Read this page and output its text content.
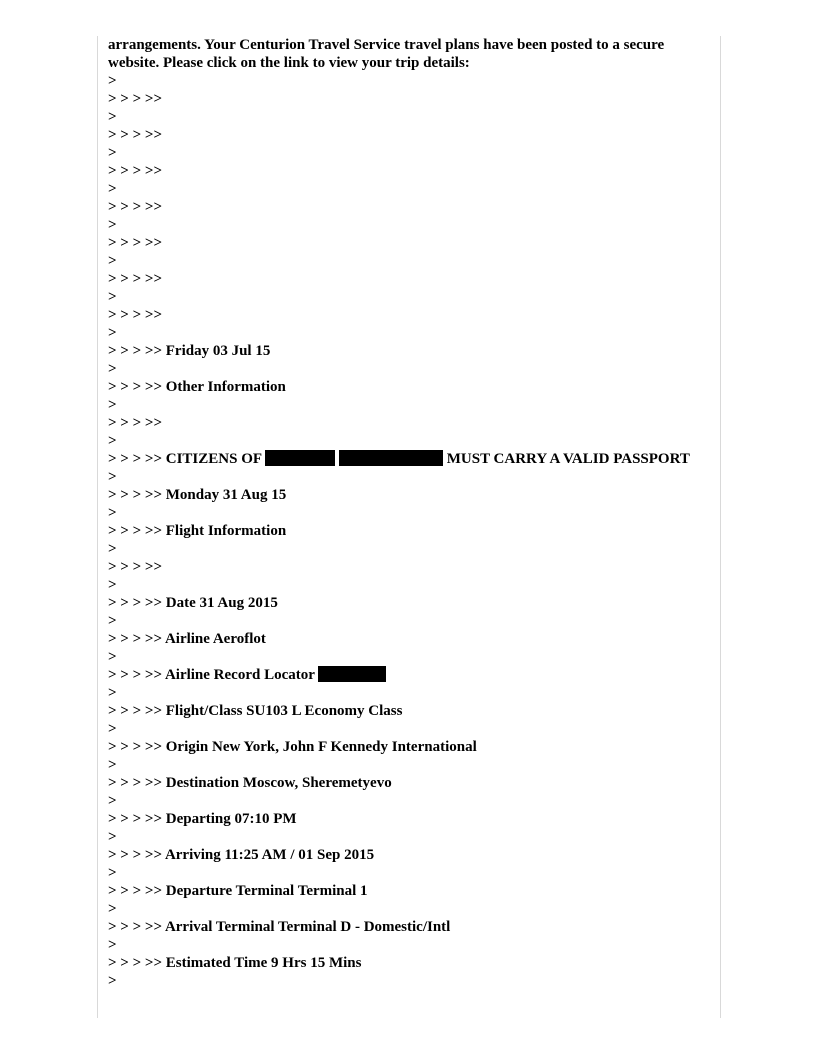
arrangements. Your Centurion Travel Service travel plans have been posted to a secure website. Please click on the link to view your trip details:
>
> > > >>
>
> > > >>
>
> > > >>
>
> > > >>
>
> > > >>
>
> > > >>
>
> > > >>
>
> > > >> Friday 03 Jul 15
>
> > > >> Other Information
>
> > > >>
>
> > > >> CITIZENS OF	MUST CARRY A VALID PASSPORT
>
> > > >> Monday 31 Aug 15
>
> > > >> Flight Information
>
> > > >>
>
> > > >> Date 31 Aug 2015
>
> > > >> Airline Aeroflot
>
> > > >> Airline Record Locator
>
> > > >> Flight/Class SU103 L Economy Class
>
> > > >> Origin New York, John F Kennedy International
>
> > > >> Destination Moscow, Sheremetyevo
>
> > > >> Departing 07:10 PM
>
> > > >> Arriving 11:25 AM / 01 Sep 2015
>
> > > >> Departure Terminal Terminal 1
>
> > > >> Arrival Terminal Terminal D - Domestic/Intl
>
> > > >> Estimated Time 9 Hrs 15 Mins
>
